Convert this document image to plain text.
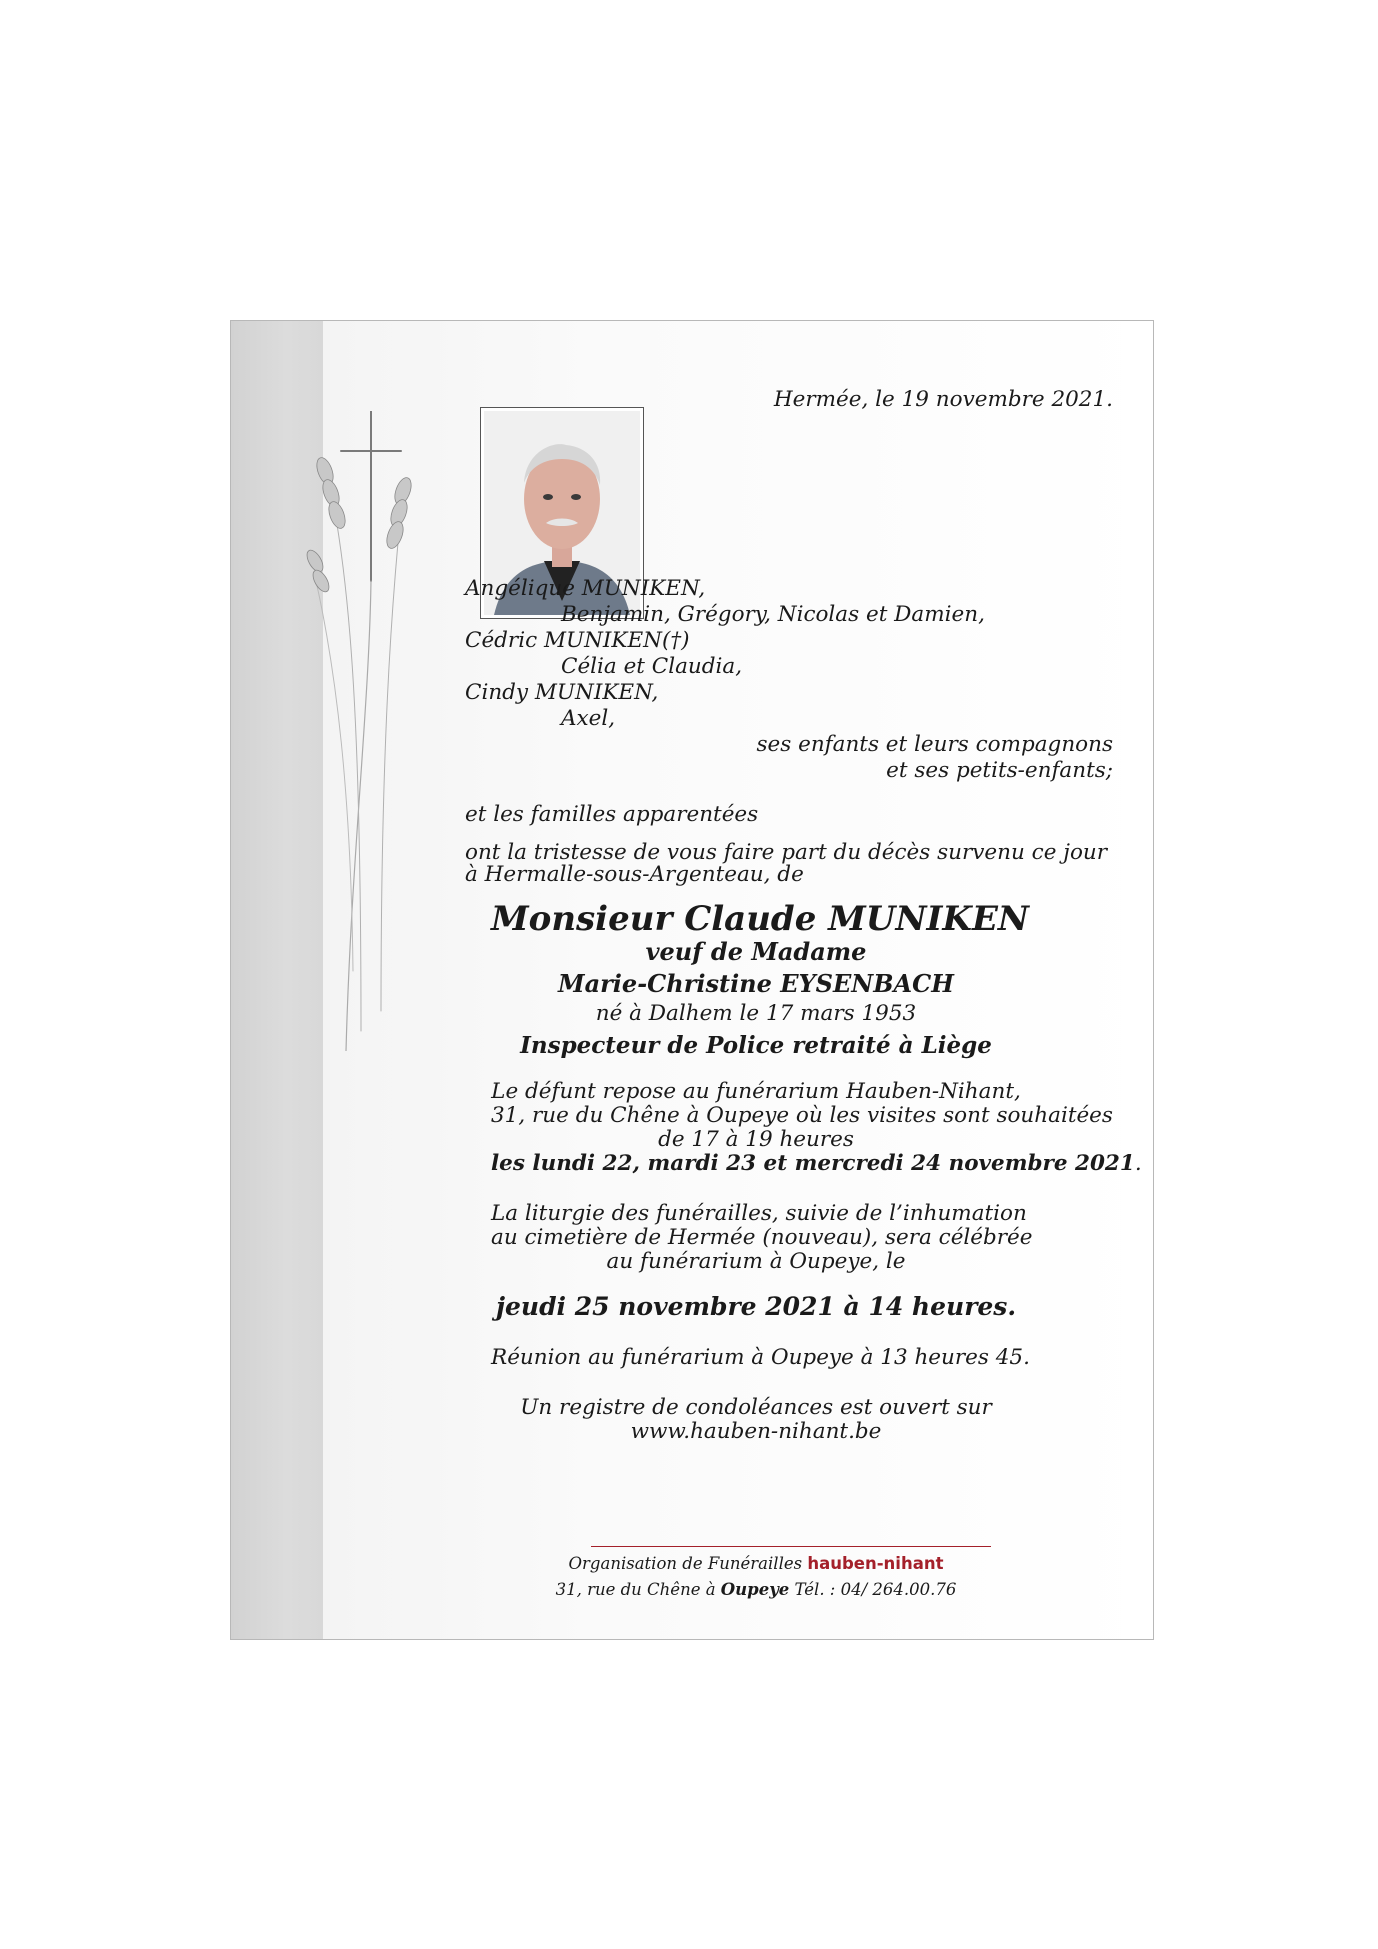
Hermée, le 19 novembre 2021.
Angélique MUNIKEN,
Benjamin, Grégory, Nicolas et Damien,
Cédric MUNIKEN(†)
Célia et Claudia,
Cindy MUNIKEN,
Axel,
ses enfants et leurs compagnons
et ses petits-enfants;
et les familles apparentées
ont la tristesse de vous faire part du décès survenu ce jour
à Hermalle-sous-Argenteau, de
Monsieur Claude MUNIKEN
veuf de Madame
Marie-Christine EYSENBACH
né à Dalhem le 17 mars 1953
Inspecteur de Police retraité à Liège
Le défunt repose au funérarium Hauben-Nihant,
31, rue du Chêne à Oupeye où les visites sont souhaitées
de 17 à 19 heures
les lundi 22, mardi 23 et mercredi 24 novembre 2021.
La liturgie des funérailles, suivie de l’inhumation
au cimetière de Hermée (nouveau), sera célébrée
au funérarium à Oupeye, le
jeudi 25 novembre 2021 à 14 heures.
Réunion au funérarium à Oupeye à 13 heures 45.
Un registre de condoléances est ouvert sur
www.hauben-nihant.be
Organisation de Funérailles hauben-nihant
31, rue du Chêne à Oupeye Tél. : 04/ 264.00.76
